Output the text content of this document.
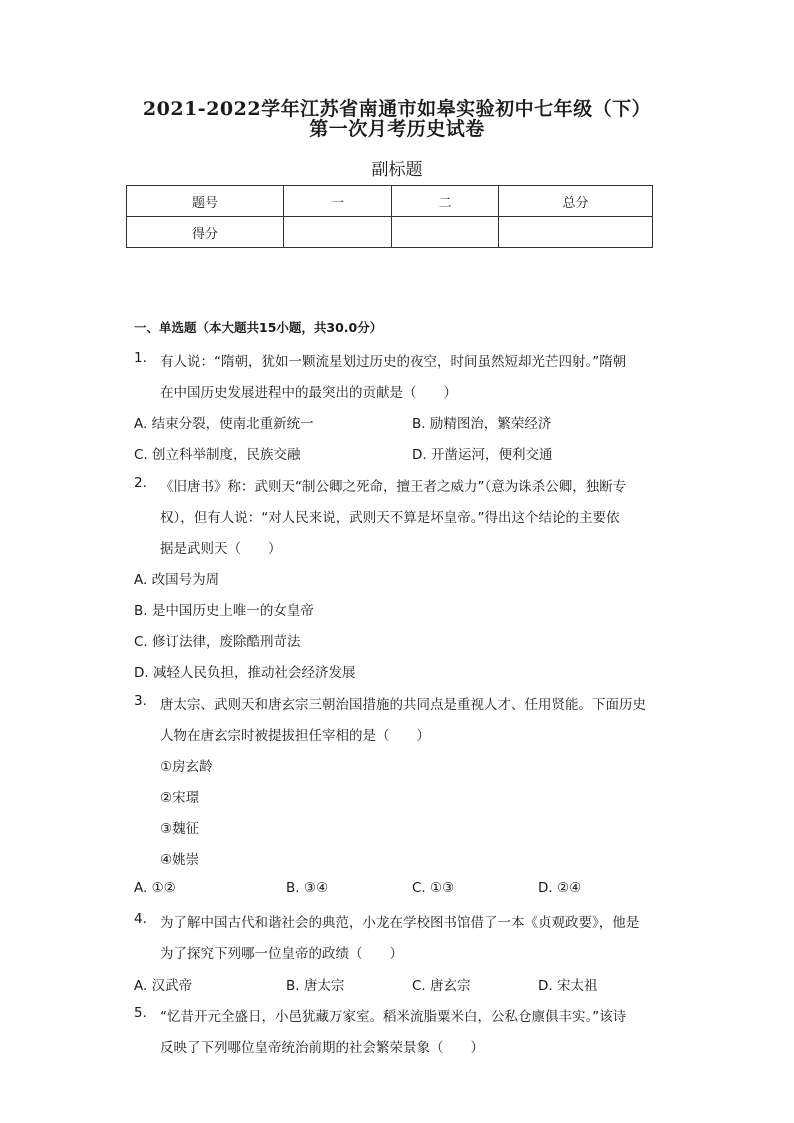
2021-2022学年江苏省南通市如皋实验初中七年级（下）
第一次月考历史试卷
副标题
题号	一	二	总分
得分			
一、单选题（本大题共15小题，共30.0分）
1. 有人说：“隋朝，犹如一颗流星划过历史的夜空，时间虽然短却光芒四射。”隋朝
在中国历史发展进程中的最突出的贡献是（　　）
A. 结束分裂，使南北重新统一	B. 励精图治，繁荣经济
C. 创立科举制度，民族交融	D. 开凿运河，便利交通
2. 《旧唐书》称：武则天“制公卿之死命，擅王者之威力”（意为诛杀公卿，独断专
权），但有人说：“对人民来说，武则天不算是坏皇帝。”得出这个结论的主要依
据是武则天（　　）
A. 改国号为周
B. 是中国历史上唯一的女皇帝
C. 修订法律，废除酷刑苛法
D. 减轻人民负担，推动社会经济发展
3. 唐太宗、武则天和唐玄宗三朝治国措施的共同点是重视人才、任用贤能。下面历史
人物在唐玄宗时被提拔担任宰相的是（　　）
①房玄龄
②宋璟
③魏征
④姚崇
A. ①②	B. ③④	C. ①③	D. ②④
4. 为了解中国古代和谐社会的典范，小龙在学校图书馆借了一本《贞观政要》，他是
为了探究下列哪一位皇帝的政绩（　　）
A. 汉武帝	B. 唐太宗	C. 唐玄宗	D. 宋太祖
5. “忆昔开元全盛日，小邑犹藏万家室。稻米流脂粟米白，公私仓廪俱丰实。”该诗
反映了下列哪位皇帝统治前期的社会繁荣景象（　　）
